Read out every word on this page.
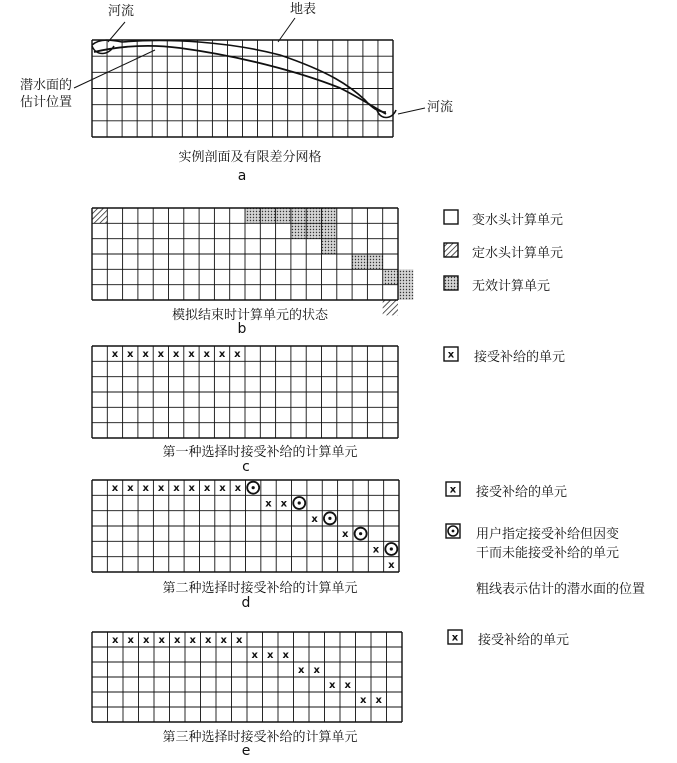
x x x x x x x x x
x x x x x x x x x
x x
x
x
x
x
x x x x x x x x x
x x x
x x
x x
x x
x
x
x
河流	地表
潜水面的
估计位置	河流
实例剖面及有限差分网格
a
模拟结束时计算单元的状态
b
变水头计算单元
定水头计算单元
无效计算单元
第一种选择时接受补给的计算单元
c
接受补给的单元
第二种选择时接受补给的计算单元
d
接受补给的单元
用户指定接受补给但因变
干而未能接受补给的单元
粗线表示估计的潜水面的位置
第三种选择时接受补给的计算单元
e
接受补给的单元
